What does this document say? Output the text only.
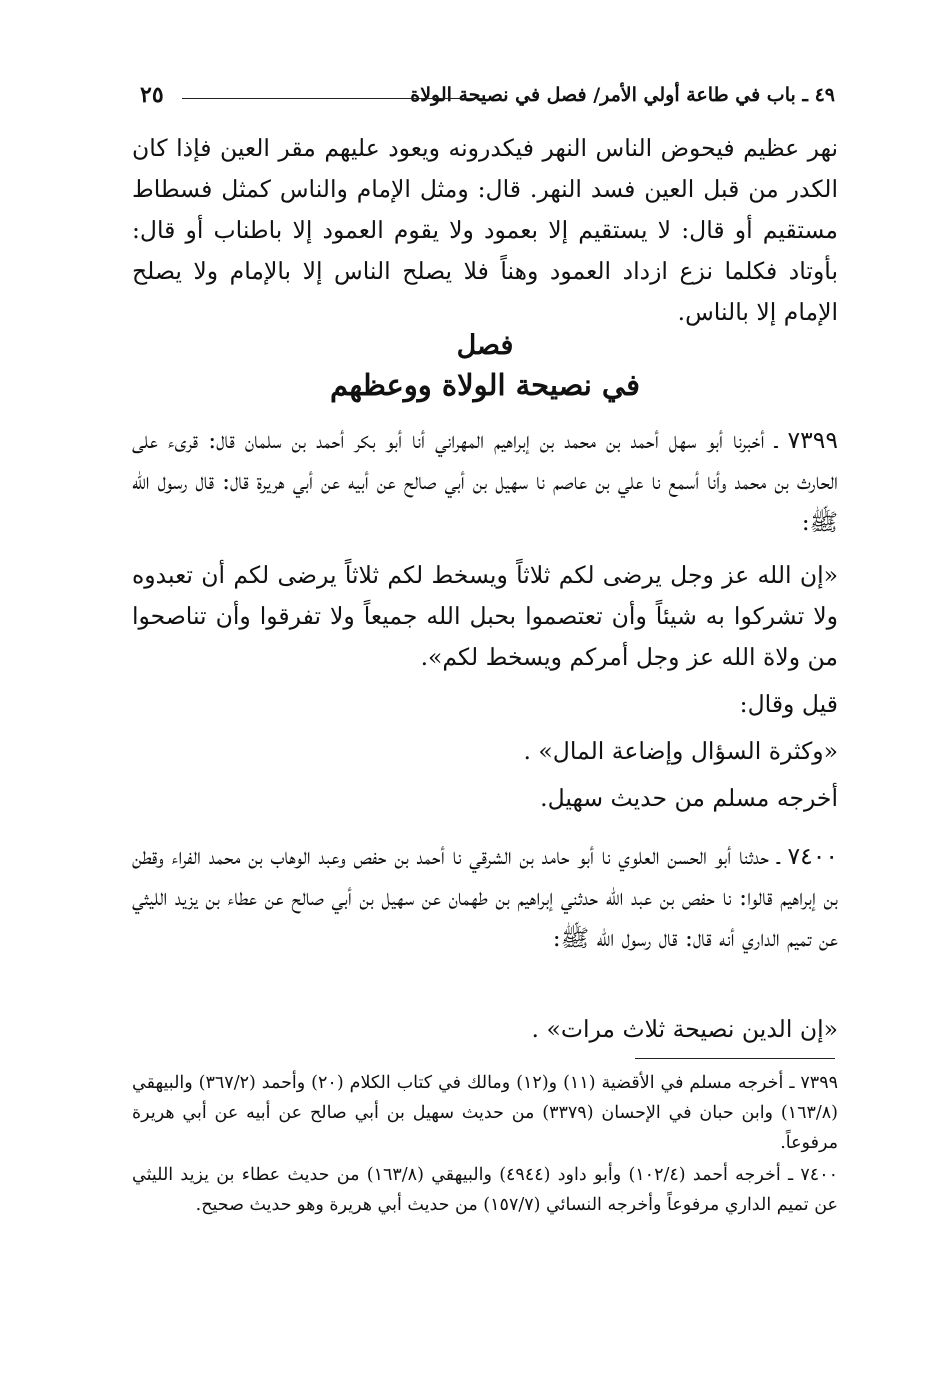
٤٩ ـ باب في طاعة أولي الأمر/ فصل في نصيحة الولاة
٢٥

نهر عظيم فيحوض الناس النهر فيكدرونه ويعود عليهم مقر العين فإذا كان الكدر من قبل العين فسد النهر. قال: ومثل الإمام والناس كمثل فسطاط مستقيم أو قال: لا يستقيم إلا بعمود ولا يقوم العمود إلا باطناب أو قال: بأوتاد فكلما نزع ازداد العمود وهناً فلا يصلح الناس إلا بالإمام ولا يصلح الإمام إلا بالناس.

فصل
في نصيحة الولاة ووعظهم

٧٣٩٩ ـ أخبرنا أبو سهل أحمد بن محمد بن إبراهيم المهراني أنا أبو بكر أحمد بن سلمان قال: قرىء على الحارث بن محمد وأنا أسمع نا علي بن عاصم نا سهيل بن أبي صالح عن أبيه عن أبي هريرة قال: قال رسول الله ﷺ:

«إن الله عز وجل يرضى لكم ثلاثاً ويسخط لكم ثلاثاً يرضى لكم أن تعبدوه ولا تشركوا به شيئاً وأن تعتصموا بحبل الله جميعاً ولا تفرقوا وأن تناصحوا من ولاة الله عز وجل أمركم ويسخط لكم».

قيل وقال:
«وكثرة السؤال وإضاعة المال» .
أخرجه مسلم من حديث سهيل.

٧٤٠٠ ـ حدثنا أبو الحسن العلوي نا أبو حامد بن الشرقي نا أحمد بن حفص وعبد الوهاب بن محمد الفراء وقطن بن إبراهيم قالوا: نا حفص بن عبد الله حدثني إبراهيم بن طهمان عن سهيل بن أبي صالح عن عطاء بن يزيد الليثي عن تميم الداري أنه قال: قال رسول الله ﷺ:

«إن الدين نصيحة ثلاث مرات» .

٧٣٩٩ ـ أخرجه مسلم في الأقضية (١١) و(١٢) ومالك في كتاب الكلام (٢٠) وأحمد (٣٦٧/٢) والبيهقي (١٦٣/٨) وابن حبان في الإحسان (٣٣٧٩) من حديث سهيل بن أبي صالح عن أبيه عن أبي هريرة مرفوعاً.

٧٤٠٠ ـ أخرجه أحمد (١٠٢/٤) وأبو داود (٤٩٤٤) والبيهقي (١٦٣/٨) من حديث عطاء بن يزيد الليثي عن تميم الداري مرفوعاً وأخرجه النسائي (١٥٧/٧) من حديث أبي هريرة وهو حديث صحيح.
